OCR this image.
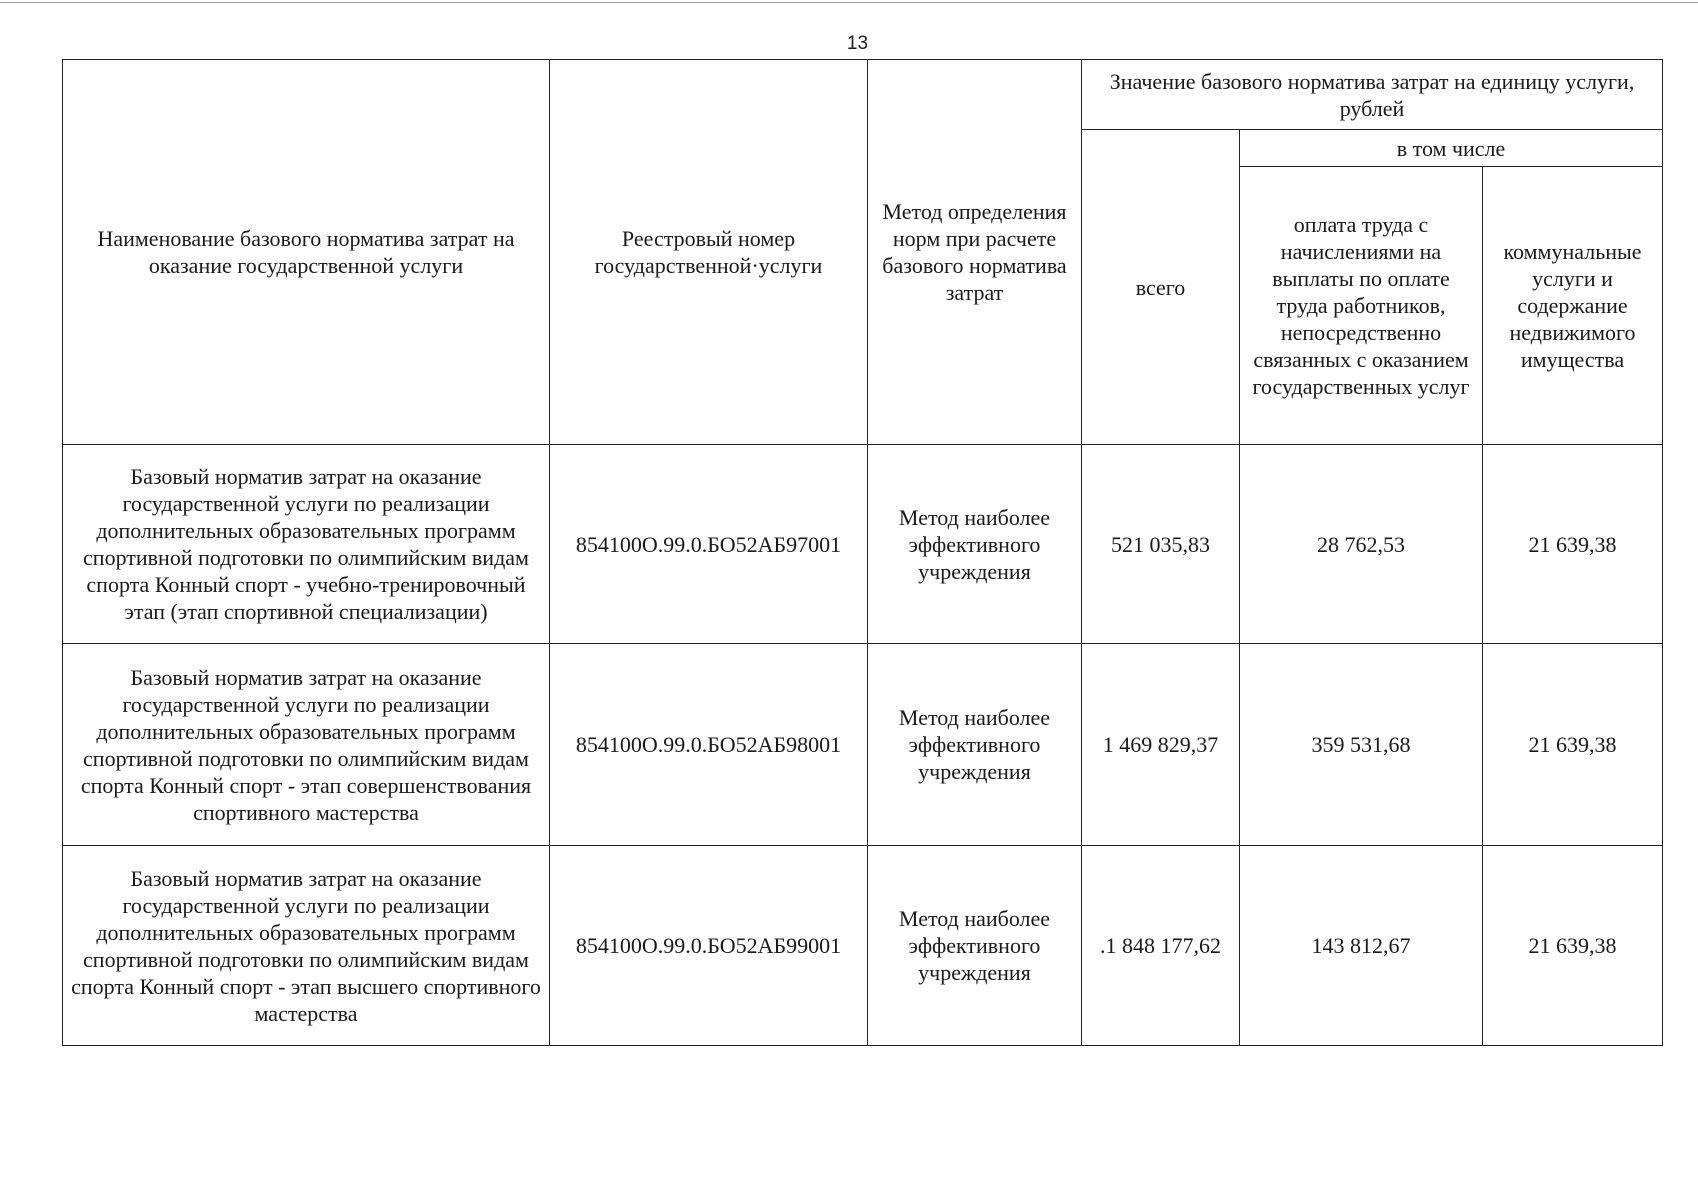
13
Наименование базового норматива затрат на оказание государственной услуги	Реестровый номер государственной·услуги	Метод определения норм при расчете базового норматива затрат	Значение базового норматива затрат на единицу услуги, рублей		
			всего	в том числе	
				оплата труда с начислениями на выплаты по оплате труда работников, непосредственно связанных с оказанием государственных услуг	коммунальные услуги и содержание недвижимого имущества
Базовый норматив затрат на оказание государственной услуги по реализации дополнительных образовательных программ спортивной подготовки по олимпийским видам спорта Конный спорт - учебно-тренировочный этап (этап спортивной специализации)	854100О.99.0.БО52АБ97001	Метод наиболее эффективного учреждения	521 035,83	28 762,53	21 639,38
Базовый норматив затрат на оказание государственной услуги по реализации дополнительных образовательных программ спортивной подготовки по олимпийским видам спорта Конный спорт - этап совершенствования спортивного мастерства	854100О.99.0.БО52АБ98001	Метод наиболее эффективного учреждения	1 469 829,37	359 531,68	21 639,38
Базовый норматив затрат на оказание государственной услуги по реализации дополнительных образовательных программ спортивной подготовки по олимпийским видам спорта Конный спорт - этап высшего спортивного мастерства	854100О.99.0.БО52АБ99001	Метод наиболее эффективного учреждения	.1 848 177,62	143 812,67	21 639,38
